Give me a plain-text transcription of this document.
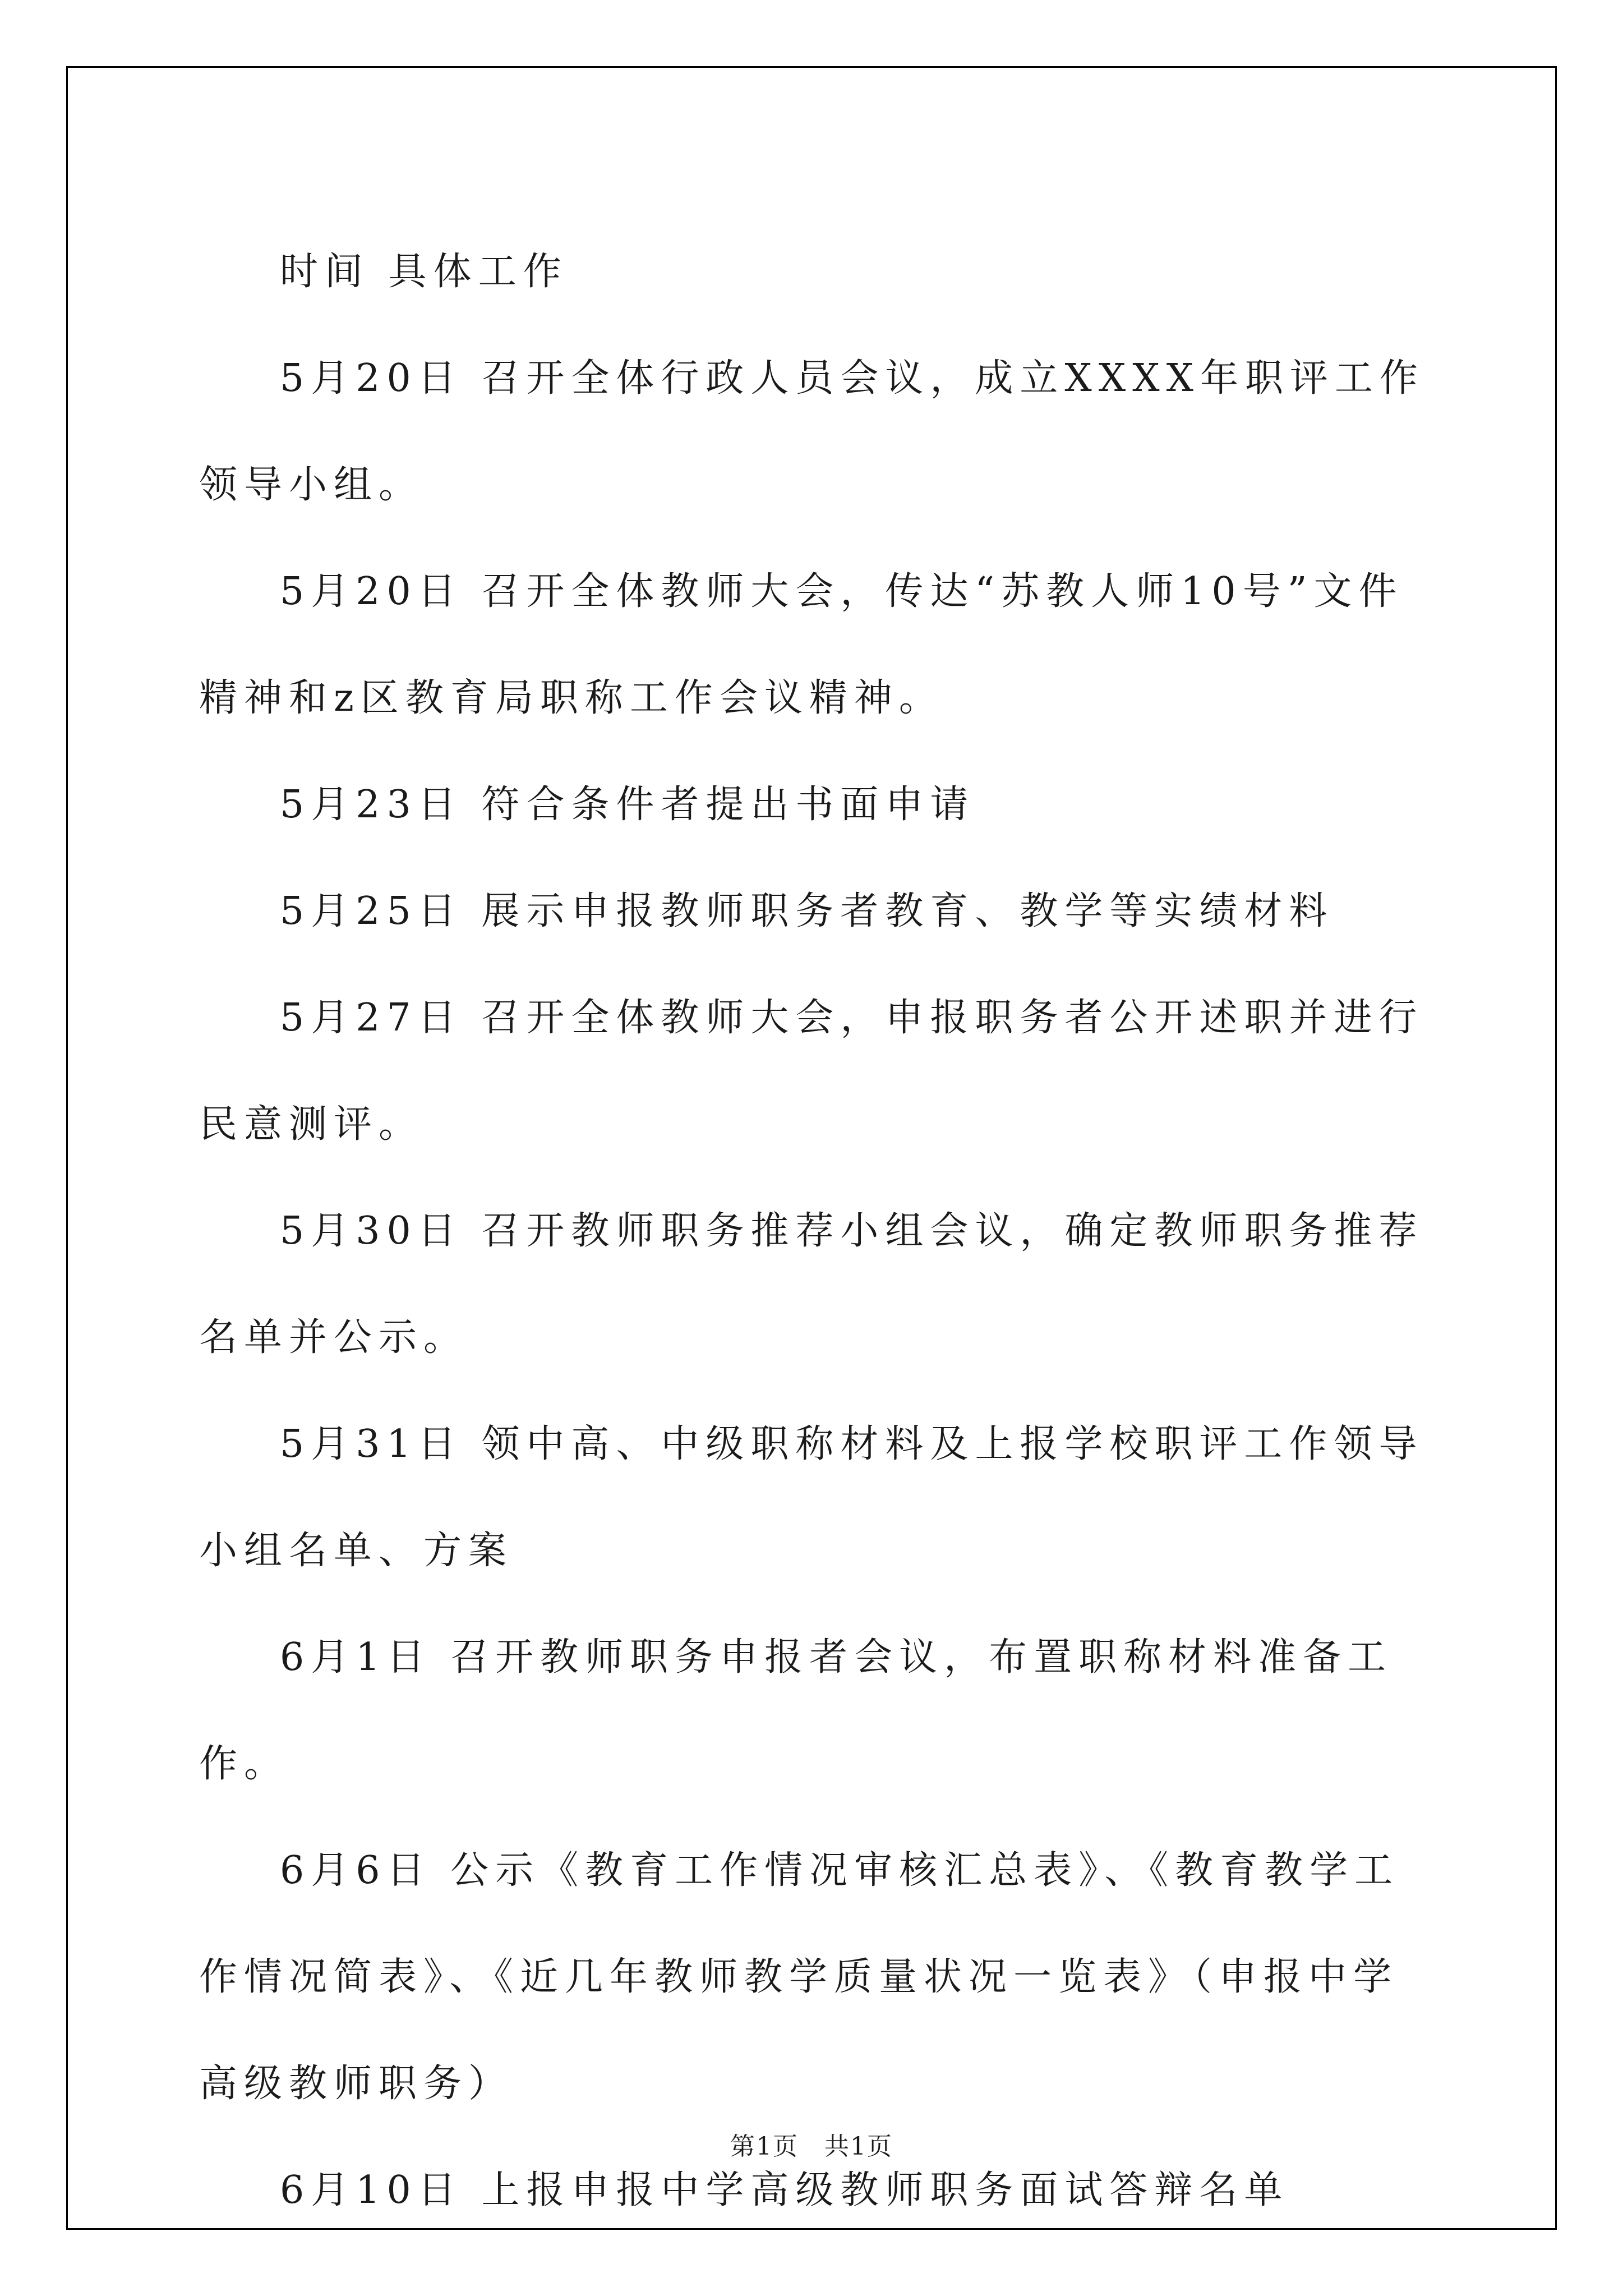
时间 具体工作

5月20日 召开全体行政人员会议，成立XXXX年职评工作领导小组。

5月20日 召开全体教师大会，传达“苏教人师10号”文件精神和z区教育局职称工作会议精神。

5月23日 符合条件者提出书面申请

5月25日 展示申报教师职务者教育、教学等实绩材料

5月27日 召开全体教师大会，申报职务者公开述职并进行民意测评。

5月30日 召开教师职务推荐小组会议，确定教师职务推荐名单并公示。

5月31日 领中高、中级职称材料及上报学校职评工作领导小组名单、方案

6月1日 召开教师职务申报者会议，布置职称材料准备工作。

6月6日 公示《教育工作情况审核汇总表》、《教育教学工作情况简表》、《近几年教师教学质量状况一览表》（申报中学高级教师职务）

6月10日 上报申报中学高级教师职务面试答辩名单

第1页　共1页
